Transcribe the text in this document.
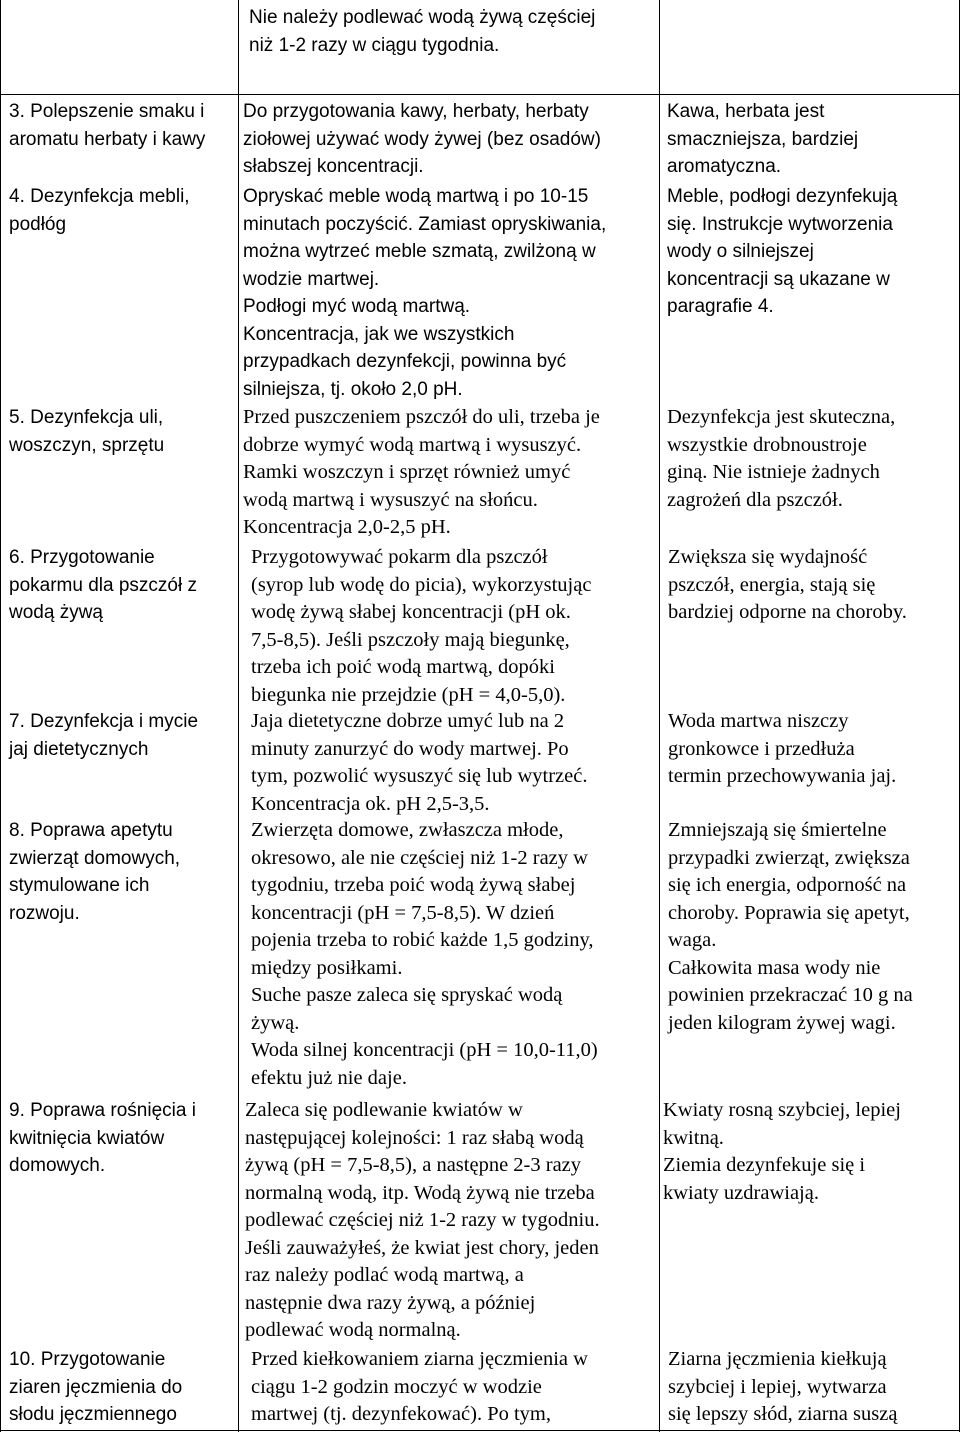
Nie należy podlewać wodą żywą częściej
niż 1-2 razy w ciągu tygodnia.
3. Polepszenie smaku i
aromatu herbaty i kawy
Do przygotowania kawy, herbaty, herbaty
ziołowej używać wody żywej (bez osadów)
słabszej koncentracji.
Kawa, herbata jest
smaczniejsza, bardziej
aromatyczna.
4. Dezynfekcja mebli,
podłóg
Opryskać meble wodą martwą i po 10-15
minutach poczyścić. Zamiast opryskiwania,
można wytrzeć meble szmatą, zwilżoną w
wodzie martwej.
Podłogi myć wodą martwą.
Koncentracja, jak we wszystkich
przypadkach dezynfekcji, powinna być
silniejsza, tj. około 2,0 pH.
Meble, podłogi dezynfekują
się. Instrukcje wytworzenia
wody o silniejszej
koncentracji są ukazane w
paragrafie 4.
5. Dezynfekcja uli,
woszczyn, sprzętu
Przed puszczeniem pszczół do uli, trzeba je
dobrze wymyć wodą martwą i wysuszyć.
Ramki woszczyn i sprzęt również umyć
wodą martwą i wysuszyć na słońcu.
Koncentracja 2,0-2,5 pH.
Dezynfekcja jest skuteczna,
wszystkie drobnoustroje
giną. Nie istnieje żadnych
zagrożeń dla pszczół.
6. Przygotowanie
pokarmu dla pszczół z
wodą żywą
Przygotowywać pokarm dla pszczół
(syrop lub wodę do picia), wykorzystując
wodę żywą słabej koncentracji (pH ok.
7,5-8,5). Jeśli pszczoły mają biegunkę,
trzeba ich poić wodą martwą, dopóki
biegunka nie przejdzie (pH = 4,0-5,0).
Zwiększa się wydajność
pszczół, energia, stają się
bardziej odporne na choroby.
7. Dezynfekcja i mycie
jaj dietetycznych
Jaja dietetyczne dobrze umyć lub na 2
minuty zanurzyć do wody martwej. Po
tym, pozwolić wysuszyć się lub wytrzeć.
Koncentracja ok. pH 2,5-3,5.
Woda martwa niszczy
gronkowce i przedłuża
termin przechowywania jaj.
8. Poprawa apetytu
zwierząt domowych,
stymulowane ich
rozwoju.
Zwierzęta domowe, zwłaszcza młode,
okresowo, ale nie częściej niż 1-2 razy w
tygodniu, trzeba poić wodą żywą słabej
koncentracji (pH = 7,5-8,5). W dzień
pojenia trzeba to robić każde 1,5 godziny,
między posiłkami.
Suche pasze zaleca się spryskać wodą
żywą.
Woda silnej koncentracji (pH = 10,0-11,0)
efektu już nie daje.
Zmniejszają się śmiertelne
przypadki zwierząt, zwiększa
się ich energia, odporność na
choroby. Poprawia się apetyt,
waga.
Całkowita masa wody nie
powinien przekraczać 10 g na
jeden kilogram żywej wagi.
9. Poprawa rośnięcia i
kwitnięcia kwiatów
domowych.
Zaleca się podlewanie kwiatów w
następującej kolejności: 1 raz słabą wodą
żywą (pH = 7,5-8,5), a następne 2-3 razy
normalną wodą, itp. Wodą żywą nie trzeba
podlewać częściej niż 1-2 razy w tygodniu.
Jeśli zauważyłeś, że kwiat jest chory, jeden
raz należy podlać wodą martwą, a
następnie dwa razy żywą, a później
podlewać wodą normalną.
Kwiaty rosną szybciej, lepiej
kwitną.
Ziemia dezynfekuje się i
kwiaty uzdrawiają.
10. Przygotowanie
ziaren jęczmienia do
słodu jęczmiennego
Przed kiełkowaniem ziarna jęczmienia w
ciągu 1-2 godzin moczyć w wodzie
martwej (tj. dezynfekować). Po tym,
Ziarna jęczmienia kiełkują
szybciej i lepiej, wytwarza
się lepszy słód, ziarna suszą
